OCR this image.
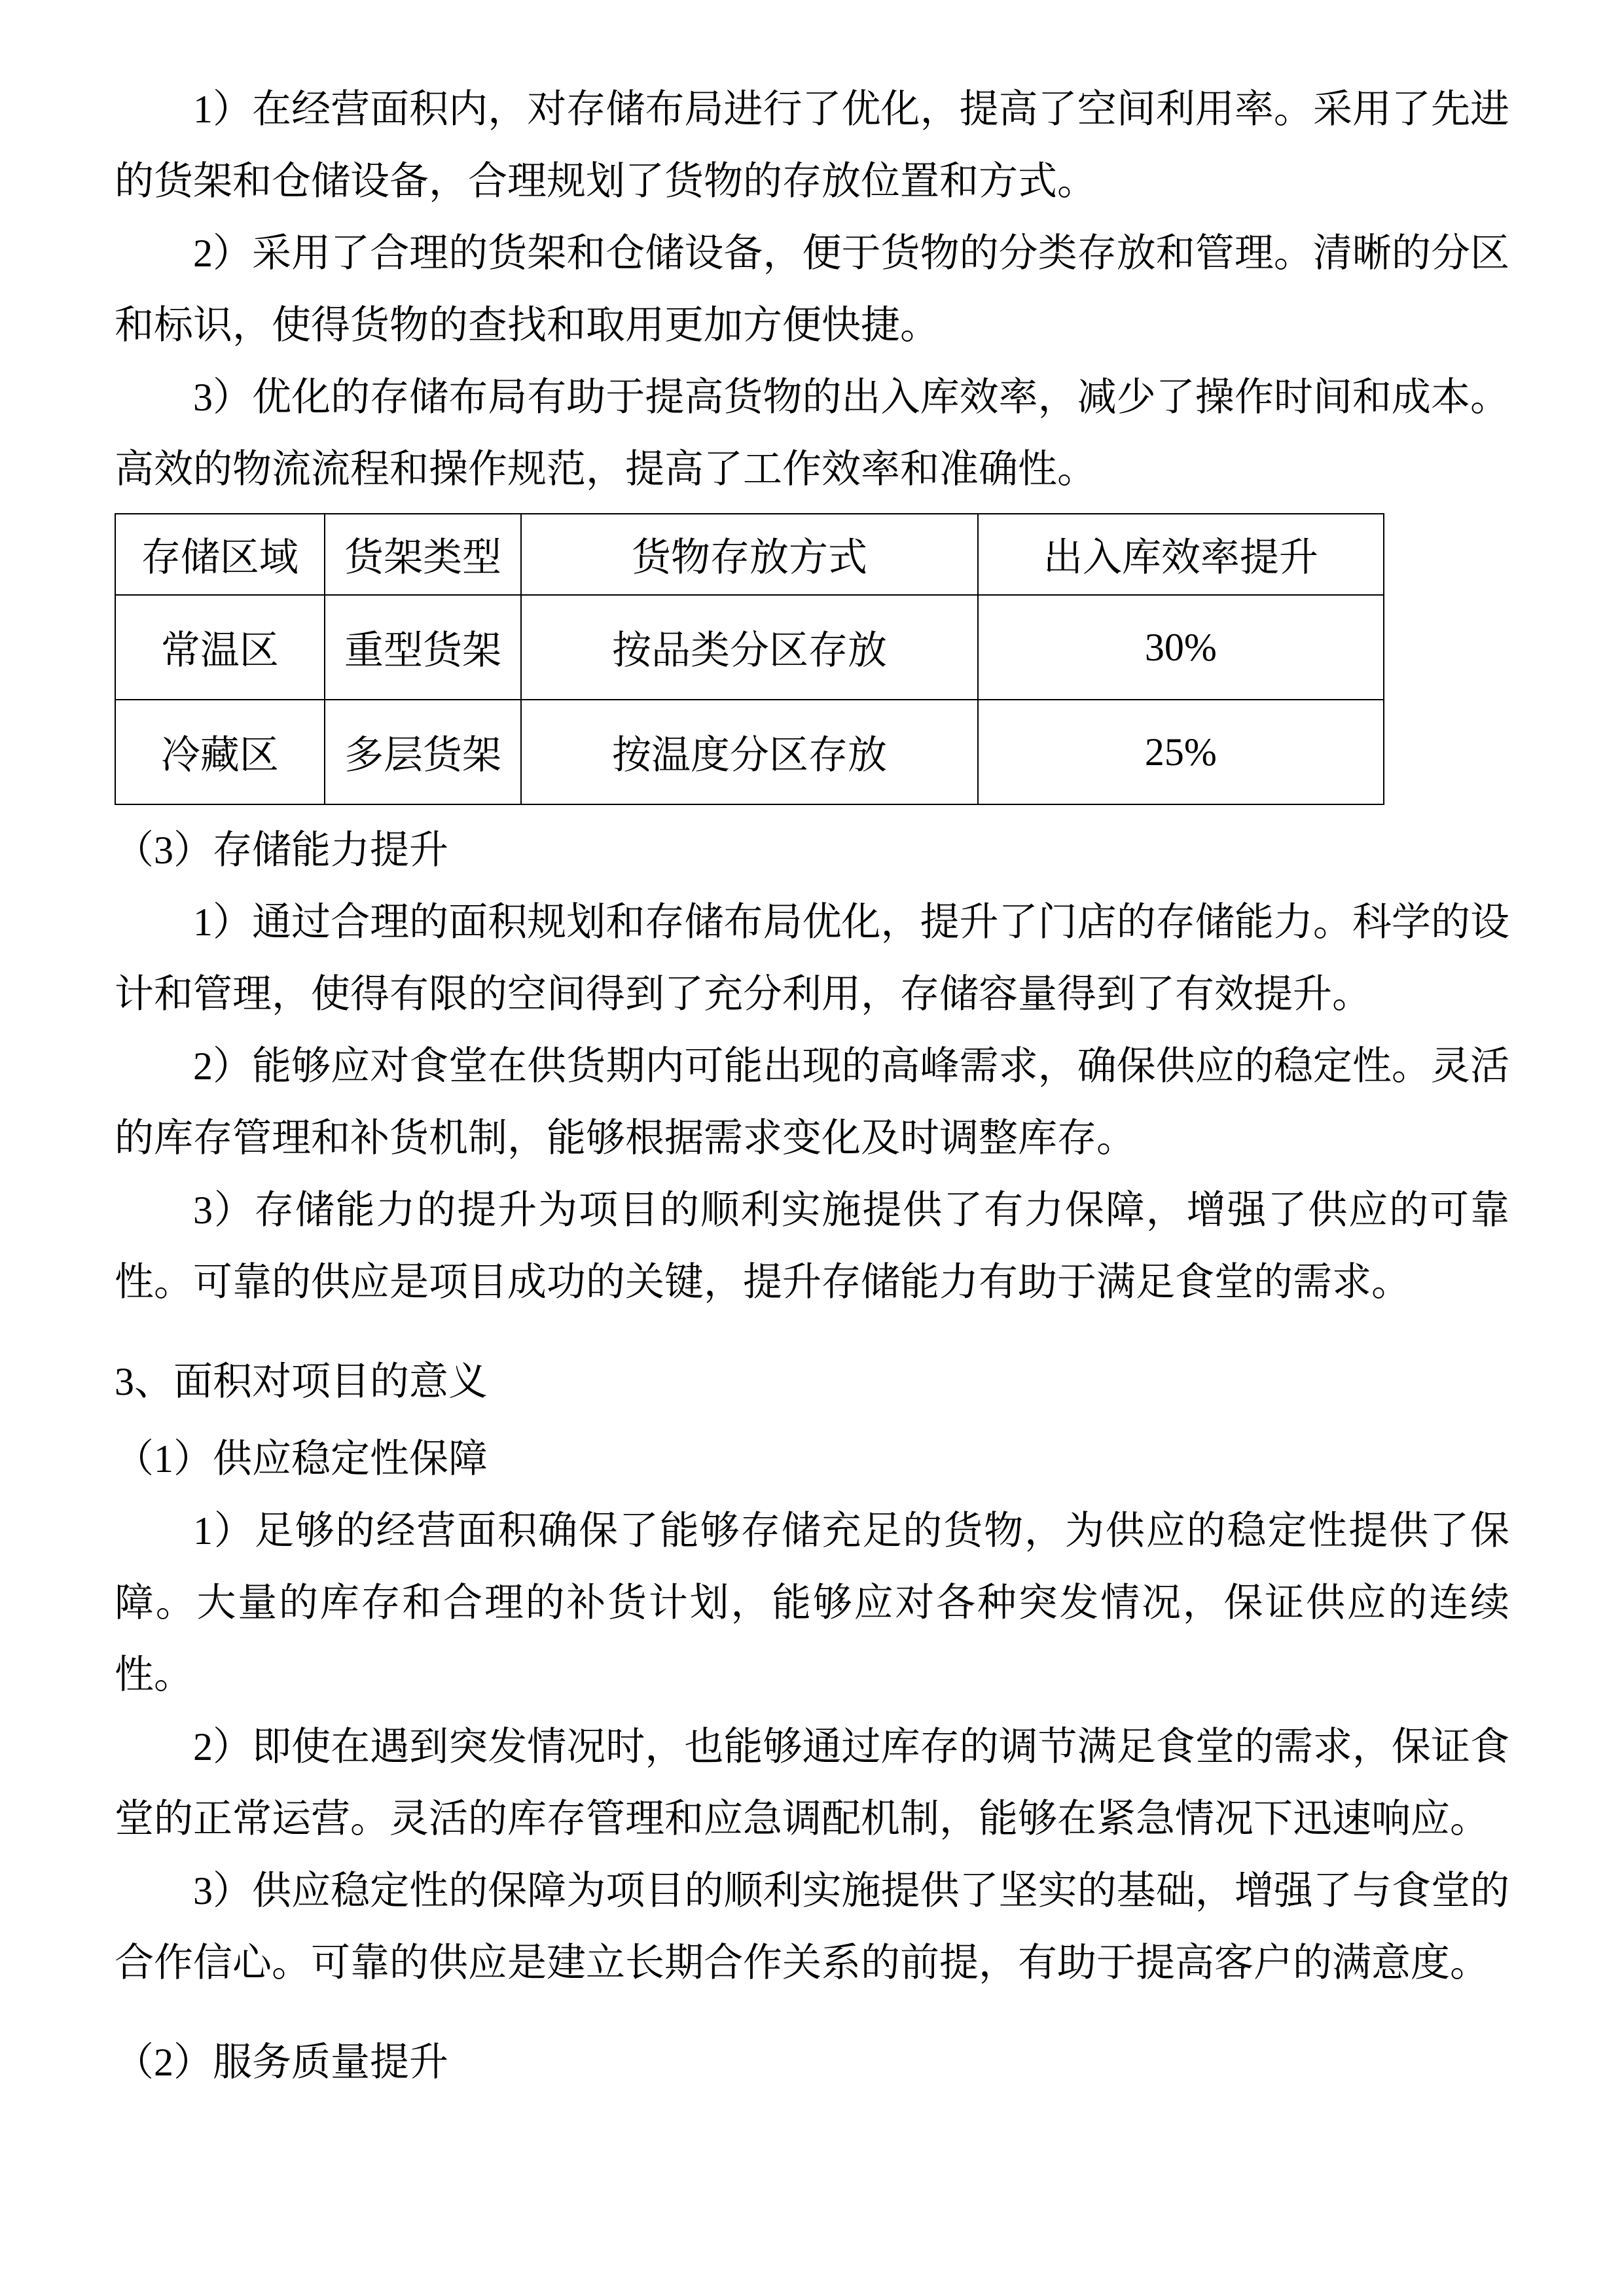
1）在经营面积内，对存储布局进行了优化，提高了空间利用率。采用了先进的货架和仓储设备，合理规划了货物的存放位置和方式。

2）采用了合理的货架和仓储设备，便于货物的分类存放和管理。清晰的分区和标识，使得货物的查找和取用更加方便快捷。

3）优化的存储布局有助于提高货物的出入库效率，减少了操作时间和成本。高效的物流流程和操作规范，提高了工作效率和准确性。

存储区域	货架类型	货物存放方式	出入库效率提升
常温区	重型货架	按品类分区存放	30%
冷藏区	多层货架	按温度分区存放	25%

（3）存储能力提升

1）通过合理的面积规划和存储布局优化，提升了门店的存储能力。科学的设计和管理，使得有限的空间得到了充分利用，存储容量得到了有效提升。

2）能够应对食堂在供货期内可能出现的高峰需求，确保供应的稳定性。灵活的库存管理和补货机制，能够根据需求变化及时调整库存。

3）存储能力的提升为项目的顺利实施提供了有力保障，增强了供应的可靠性。可靠的供应是项目成功的关键，提升存储能力有助于满足食堂的需求。

3、面积对项目的意义

（1）供应稳定性保障

1）足够的经营面积确保了能够存储充足的货物，为供应的稳定性提供了保障。大量的库存和合理的补货计划，能够应对各种突发情况，保证供应的连续性。

2）即使在遇到突发情况时，也能够通过库存的调节满足食堂的需求，保证食堂的正常运营。灵活的库存管理和应急调配机制，能够在紧急情况下迅速响应。

3）供应稳定性的保障为项目的顺利实施提供了坚实的基础，增强了与食堂的合作信心。可靠的供应是建立长期合作关系的前提，有助于提高客户的满意度。

（2）服务质量提升
